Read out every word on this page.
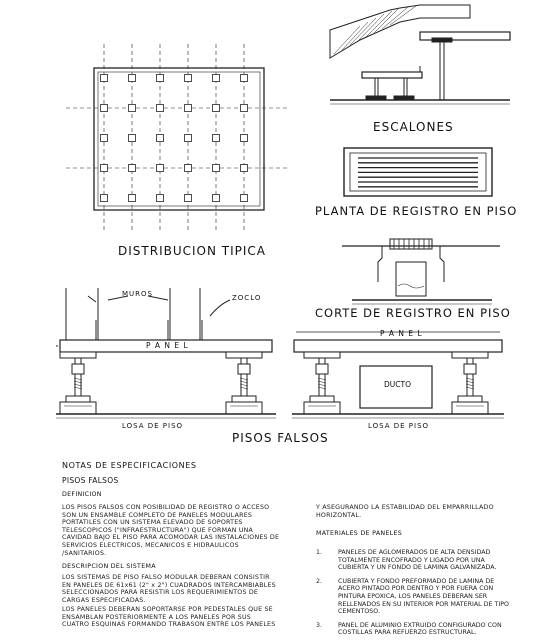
DISTRIBUCION TIPICA
ESCALONES
PLANTA DE REGISTRO EN PISO
CORTE DE REGISTRO EN PISO
PISOS FALSOS
MUROS	ZOCLO
P A N E L
P A N E L
LOSA DE PISO	LOSA DE PISO
DUCTO
NOTAS DE ESPECIFICACIONES
PISOS FALSOS
DEFINICION

LOS PISOS FALSOS CON POSIBILIDAD DE REGISTRO O ACCESO SON UN ENSAMBLE COMPLETO DE PANELES MODULARES PORTATILES CON UN SISTEMA ELEVADO DE SOPORTES TELESCOPICOS ("INFRAESTRUCTURA") QUE FORMAN UNA CAVIDAD BAJO EL PISO PARA ACOMODAR LAS INSTALACIONES DE SERVICIOS ELECTRICOS, MECANICOS E HIDRAULICOS /SANITARIOS.

DESCRIPCION DEL SISTEMA

LOS SISTEMAS DE PISO FALSO MODULAR DEBERAN CONSISTIR EN PANELES DE 61x61 (2" x 2") CUADRADOS INTERCAMBIABLES SELECCIONADOS PARA RESISTIR LOS REQUERIMIENTOS DE CARGAS ESPECIFICADAS.

LOS PANELES DEBERAN SOPORTARSE POR PEDESTALES QUE SE ENSAMBLAN POSTERIORMENTE A LOS PANELES POR SUS CUATRO ESQUINAS FORMANDO TRABASON ENTRE LOS PANELES

Y ASEGURANDO LA ESTABILIDAD DEL EMPARRILLADO HORIZONTAL.

MATERIALES DE PANELES
1.	PANELES DE AGLOMERADOS DE ALTA DENSIDAD TOTALMENTE ENCOFRADO Y LIGADO POR UNA CUBIERTA Y UN FONDO DE LAMINA GALVANIZADA.
2.	CUBIERTA Y FONDO PREFORMADO DE LAMINA DE ACERO PINTADO POR DENTRO Y POR FUERA CON PINTURA EPOXICA, LOS PANELES DEBERAN SER RELLENADOS EN SU INTERIOR POR MATERIAL DE TIPO CEMENTOSO.
3.	PANEL DE ALUMINIO EXTRUIDO CONFIGURADO CON COSTILLAS PARA REFUERZO ESTRUCTURAL.
